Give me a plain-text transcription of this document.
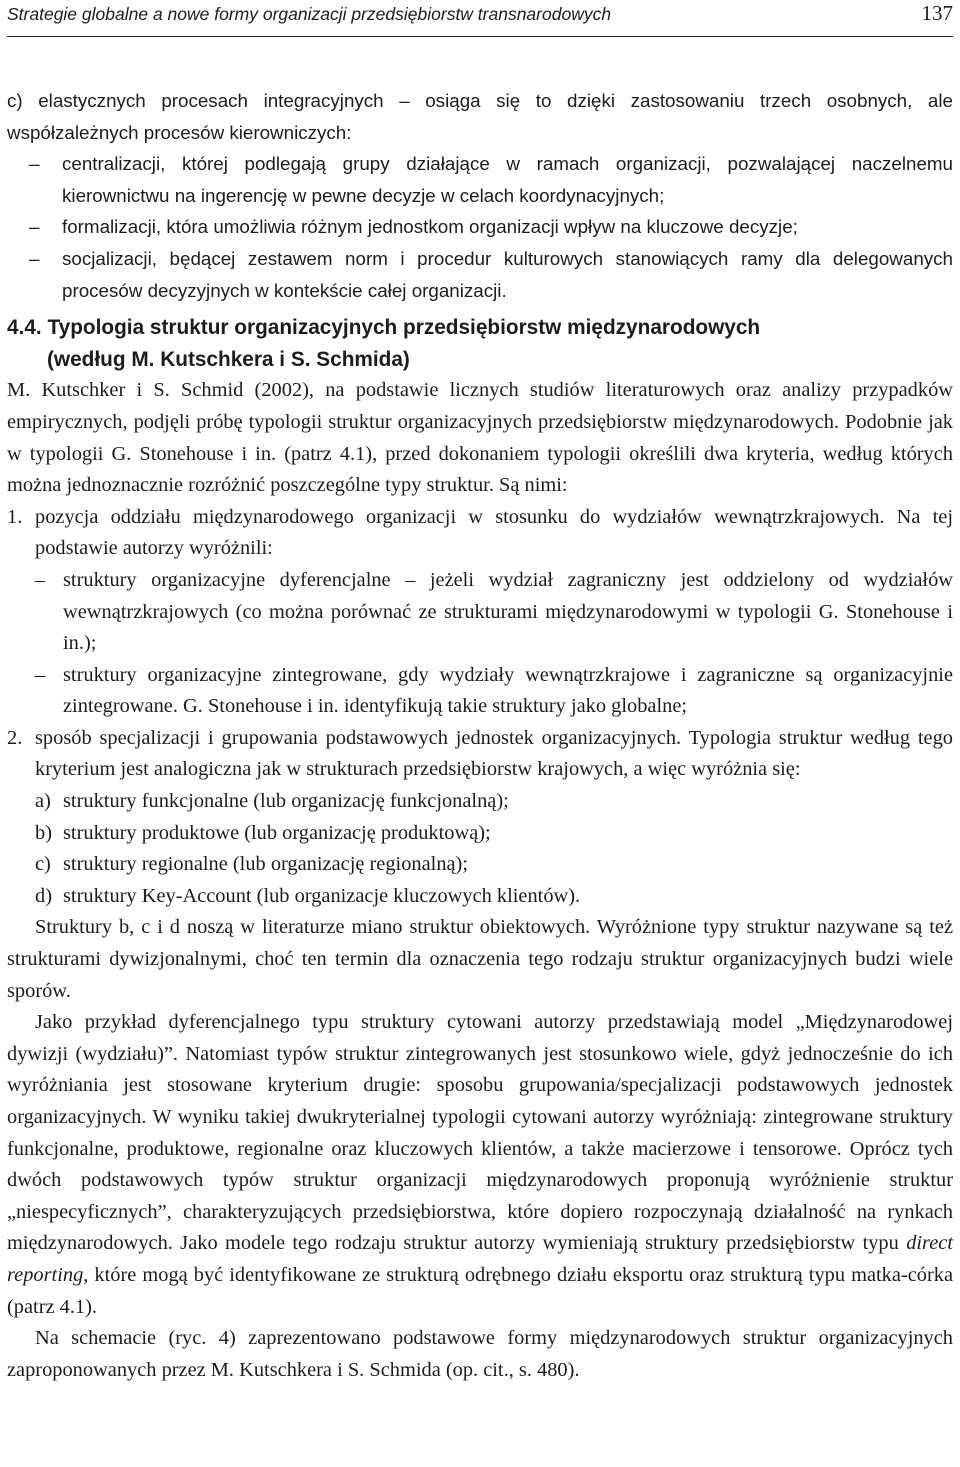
Strategie globalne a nowe formy organizacji przedsiębiorstw transnarodowych	137

c) elastycznych procesach integracyjnych – osiąga się to dzięki zastosowaniu trzech osobnych, ale współzależnych procesów kierowniczych:

– centralizacji, której podlegają grupy działające w ramach organizacji, pozwalającej naczelnemu kierownictwu na ingerencję w pewne decyzje w celach koordynacyjnych;
– formalizacji, która umożliwia różnym jednostkom organizacji wpływ na kluczowe decyzje;
– socjalizacji, będącej zestawem norm i procedur kulturowych stanowiących ramy dla delegowanych procesów decyzyjnych w kontekście całej organizacji.
4.4. Typologia struktur organizacyjnych przedsiębiorstw międzynarodowych
(według M. Kutschkera i S. Schmida)

M. Kutschker i S. Schmid (2002), na podstawie licznych studiów literaturowych oraz analizy przypadków empirycznych, podjęli próbę typologii struktur organizacyjnych przedsiębiorstw międzynarodowych. Podobnie jak w typologii G. Stonehouse i in. (patrz 4.1), przed dokonaniem typologii określili dwa kryteria, według których można jednoznacznie rozróżnić poszczególne typy struktur. Są nimi:

1. pozycja oddziału międzynarodowego organizacji w stosunku do wydziałów wewnątrzkrajowych. Na tej podstawie autorzy wyróżnili:
– struktury organizacyjne dyferencjalne – jeżeli wydział zagraniczny jest oddzielony od wydziałów wewnątrzkrajowych (co można porównać ze strukturami międzynarodowymi w typologii G. Stonehouse i in.);
– struktury organizacyjne zintegrowane, gdy wydziały wewnątrzkrajowe i zagraniczne są organizacyjnie zintegrowane. G. Stonehouse i in. identyfikują takie struktury jako globalne;
2. sposób specjalizacji i grupowania podstawowych jednostek organizacyjnych. Typologia struktur według tego kryterium jest analogiczna jak w strukturach przedsiębiorstw krajowych, a więc wyróżnia się:
a) struktury funkcjonalne (lub organizację funkcjonalną);
b) struktury produktowe (lub organizację produktową);
c) struktury regionalne (lub organizację regionalną);
d) struktury Key-Account (lub organizacje kluczowych klientów).

Struktury b, c i d noszą w literaturze miano struktur obiektowych. Wyróżnione typy struktur nazywane są też strukturami dywizjonalnymi, choć ten termin dla oznaczenia tego rodzaju struktur organizacyjnych budzi wiele sporów.

Jako przykład dyferencjalnego typu struktury cytowani autorzy przedstawiają model „Międzynarodowej dywizji (wydziału)”. Natomiast typów struktur zintegrowanych jest stosunkowo wiele, gdyż jednocześnie do ich wyróżniania jest stosowane kryterium drugie: sposobu grupowania/specjalizacji podstawowych jednostek organizacyjnych. W wyniku takiej dwukryterialnej typologii cytowani autorzy wyróżniają: zintegrowane struktury funkcjonalne, produktowe, regionalne oraz kluczowych klientów, a także macierzowe i tensorowe. Oprócz tych dwóch podstawowych typów struktur organizacji międzynarodowych proponują wyróżnienie struktur „niespecyficznych”, charakteryzujących przedsiębiorstwa, które dopiero rozpoczynają działalność na rynkach międzynarodowych. Jako modele tego rodzaju struktur autorzy wymieniają struktury przedsiębiorstw typu direct reporting, które mogą być identyfikowane ze strukturą odrębnego działu eksportu oraz strukturą typu matka-córka (patrz 4.1).

Na schemacie (ryc. 4) zaprezentowano podstawowe formy międzynarodowych struktur organizacyjnych zaproponowanych przez M. Kutschkera i S. Schmida (op. cit., s. 480).
